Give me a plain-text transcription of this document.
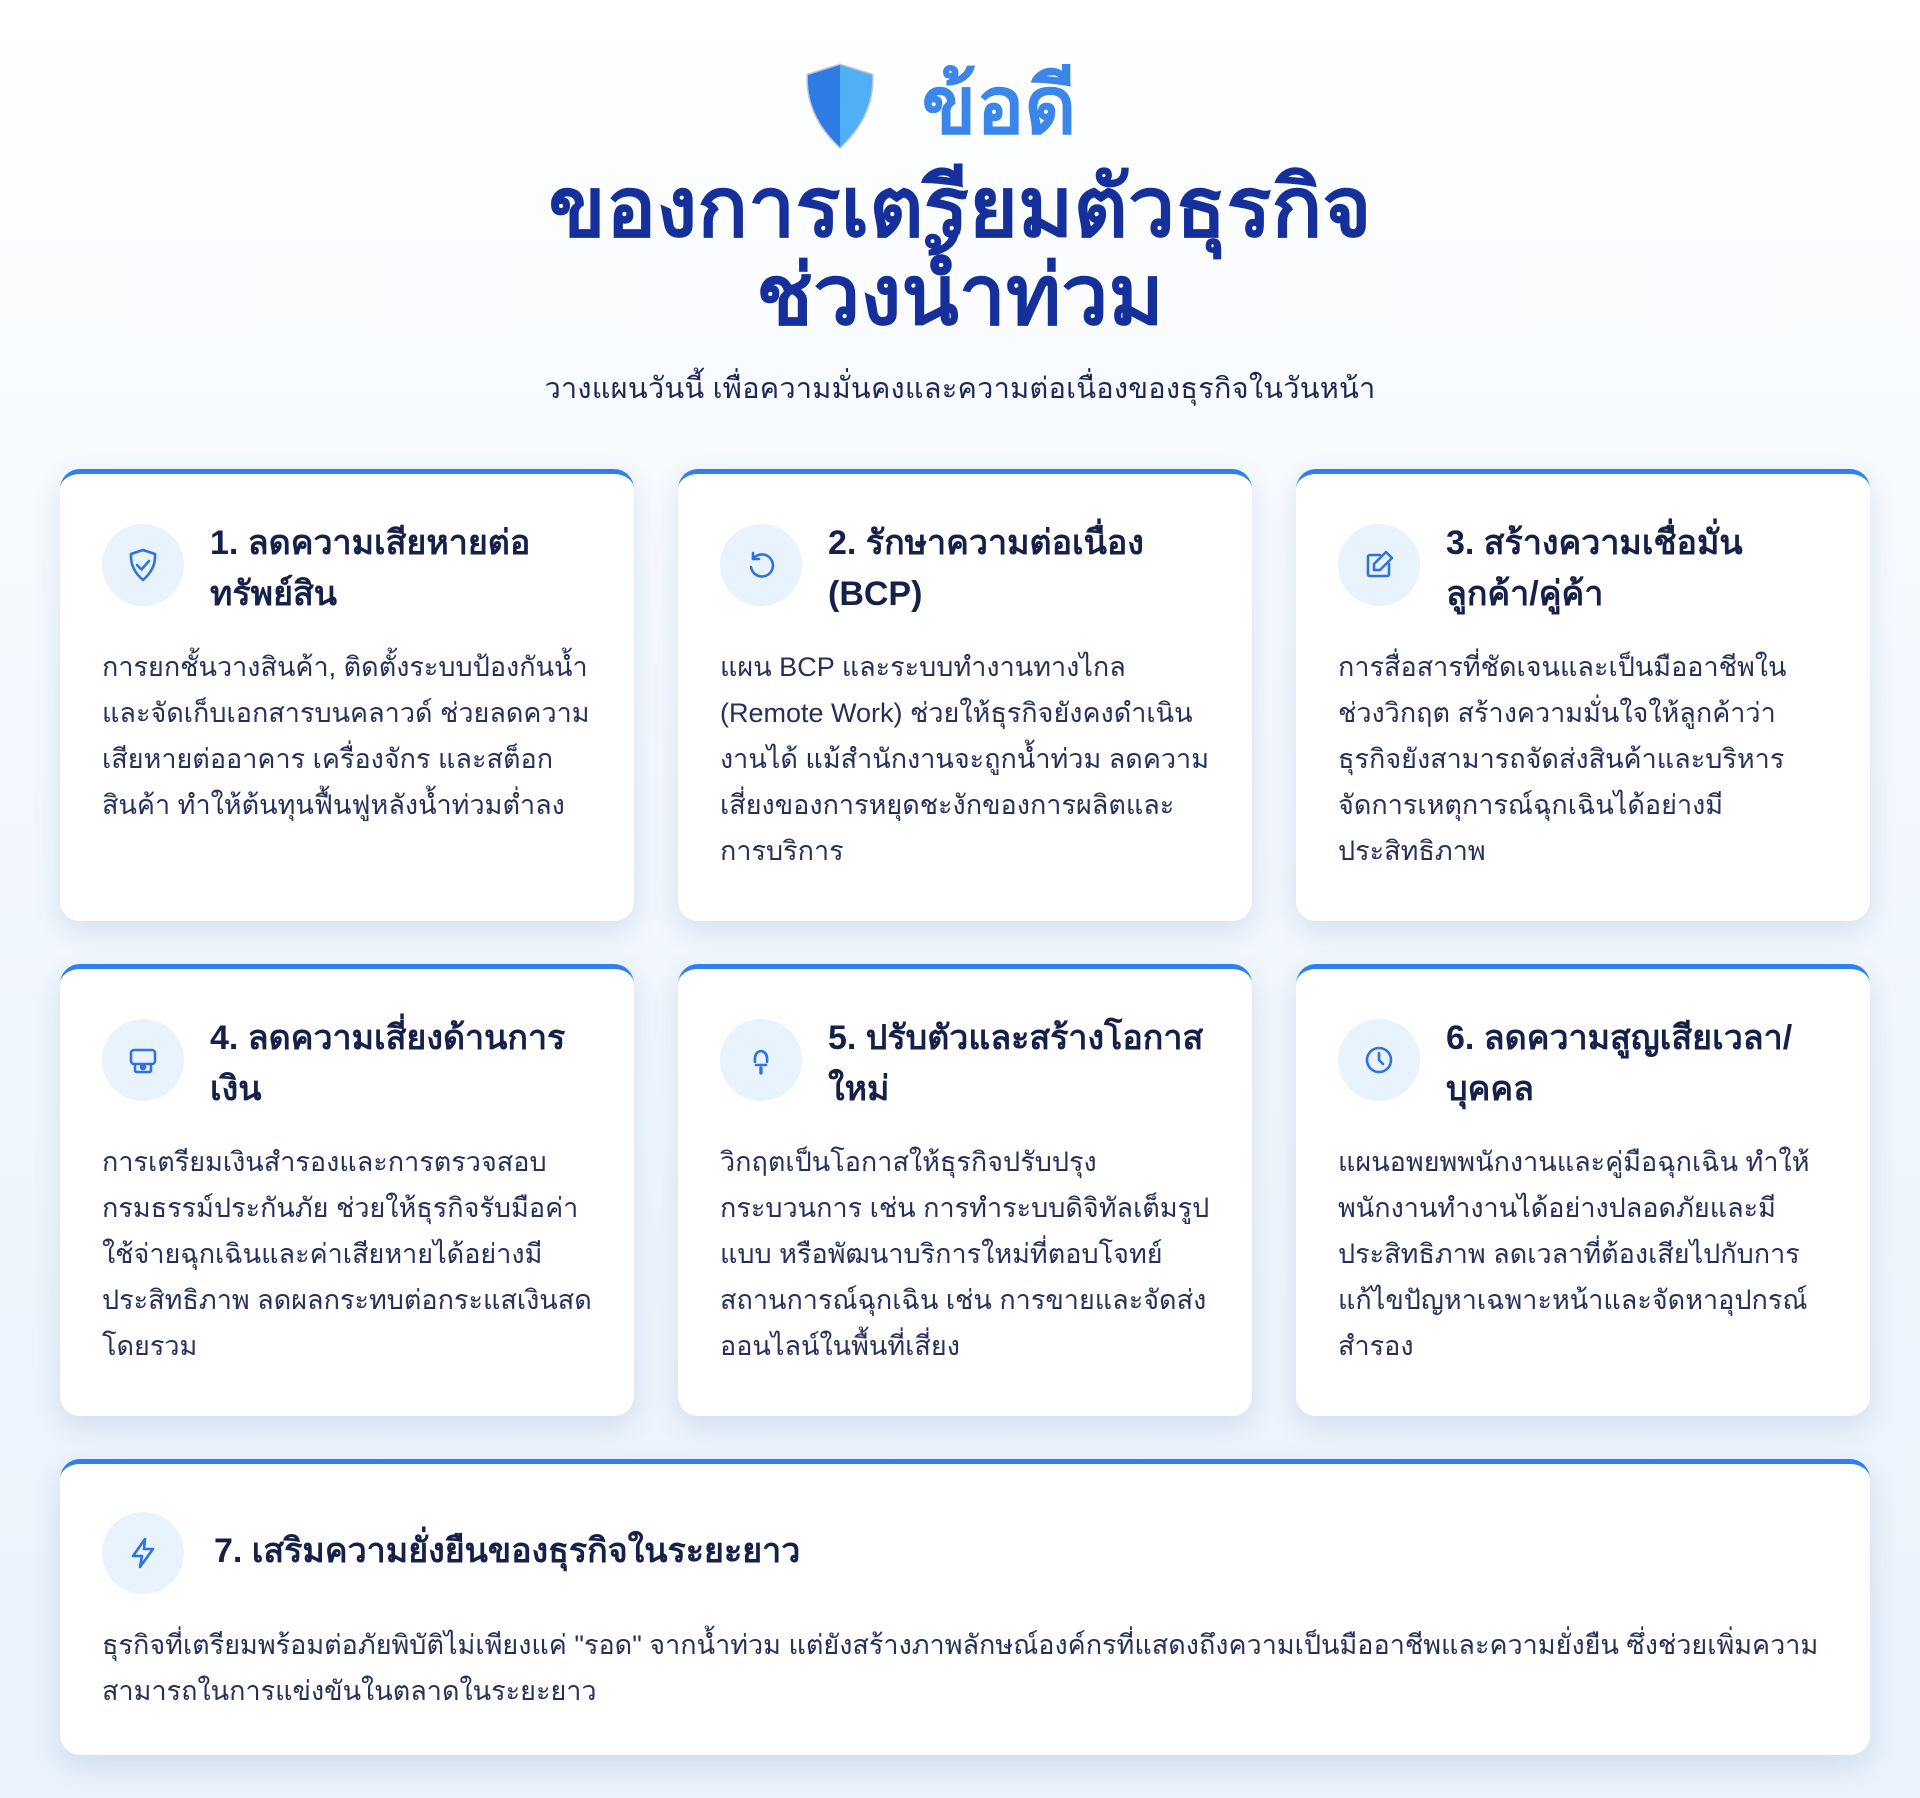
ข้อดี
ของการเตรียมตัวธุรกิจ
ช่วงน้ำท่วม
วางแผนวันนี้ เพื่อความมั่นคงและความต่อเนื่องของธุรกิจในวันหน้า
1. ลดความเสียหายต่อทรัพย์สิน
การยกชั้นวางสินค้า, ติดตั้งระบบป้องกันน้ำ และจัดเก็บเอกสารบนคลาวด์ ช่วยลดความเสียหายต่ออาคาร เครื่องจักร และสต็อกสินค้า ทำให้ต้นทุนฟื้นฟูหลังน้ำท่วมต่ำลง
2. รักษาความต่อเนื่อง (BCP)
แผน BCP และระบบทำงานทางไกล (Remote Work) ช่วยให้ธุรกิจยังคงดำเนินงานได้ แม้สำนักงานจะถูกน้ำท่วม ลดความเสี่ยงของการหยุดชะงักของการผลิตและการบริการ
3. สร้างความเชื่อมั่นลูกค้า/คู่ค้า
การสื่อสารที่ชัดเจนและเป็นมืออาชีพในช่วงวิกฤต สร้างความมั่นใจให้ลูกค้าว่าธุรกิจยังสามารถจัดส่งสินค้าและบริหารจัดการเหตุการณ์ฉุกเฉินได้อย่างมีประสิทธิภาพ
4. ลดความเสี่ยงด้านการเงิน
การเตรียมเงินสำรองและการตรวจสอบกรมธรรม์ประกันภัย ช่วยให้ธุรกิจรับมือค่าใช้จ่ายฉุกเฉินและค่าเสียหายได้อย่างมีประสิทธิภาพ ลดผลกระทบต่อกระแสเงินสดโดยรวม
5. ปรับตัวและสร้างโอกาสใหม่
วิกฤตเป็นโอกาสให้ธุรกิจปรับปรุงกระบวนการ เช่น การทำระบบดิจิทัลเต็มรูปแบบ หรือพัฒนาบริการใหม่ที่ตอบโจทย์สถานการณ์ฉุกเฉิน เช่น การขายและจัดส่งออนไลน์ในพื้นที่เสี่ยง
6. ลดความสูญเสียเวลา/บุคคล
แผนอพยพพนักงานและคู่มือฉุกเฉิน ทำให้พนักงานทำงานได้อย่างปลอดภัยและมีประสิทธิภาพ ลดเวลาที่ต้องเสียไปกับการแก้ไขปัญหาเฉพาะหน้าและจัดหาอุปกรณ์สำรอง
7. เสริมความยั่งยืนของธุรกิจในระยะยาว
ธุรกิจที่เตรียมพร้อมต่อภัยพิบัติไม่เพียงแค่ "รอด" จากน้ำท่วม แต่ยังสร้างภาพลักษณ์องค์กรที่แสดงถึงความเป็นมืออาชีพและความยั่งยืน ซึ่งช่วยเพิ่มความสามารถในการแข่งขันในตลาดในระยะยาว
